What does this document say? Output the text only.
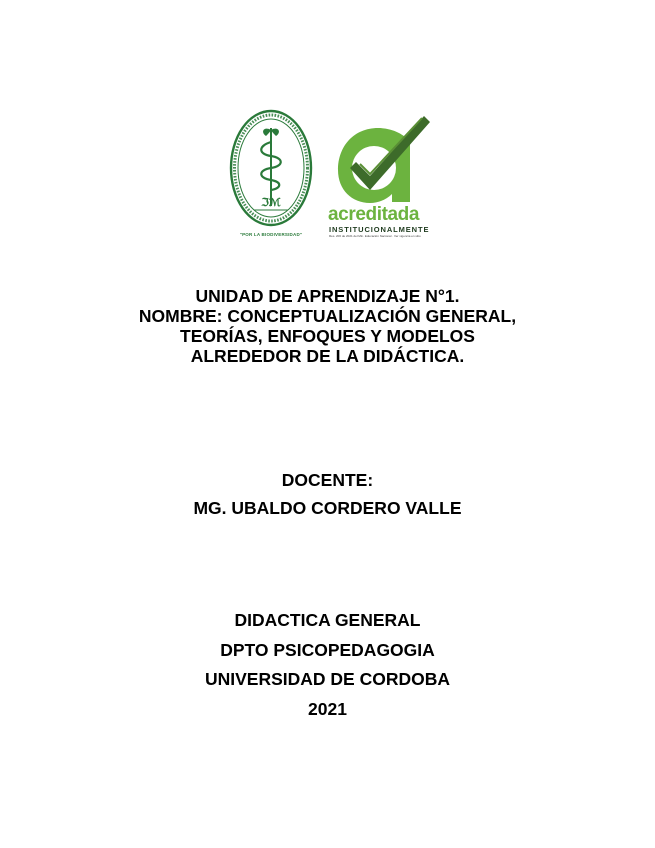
ℑℳ
"POR LA BIODIVERSIDAD"
acreditada
INSTITUCIONALMENTE
Res. 206 de 2021 del Min. Educación Nacional · Ver vigencia en sitio
UNIDAD DE APRENDIZAJE N°1.
NOMBRE: CONCEPTUALIZACIÓN GENERAL,
TEORÍAS, ENFOQUES Y MODELOS
ALREDEDOR DE LA DIDÁCTICA.
DOCENTE:
MG. UBALDO CORDERO VALLE
DIDACTICA GENERAL
DPTO PSICOPEDAGOGIA
UNIVERSIDAD DE CORDOBA
2021
